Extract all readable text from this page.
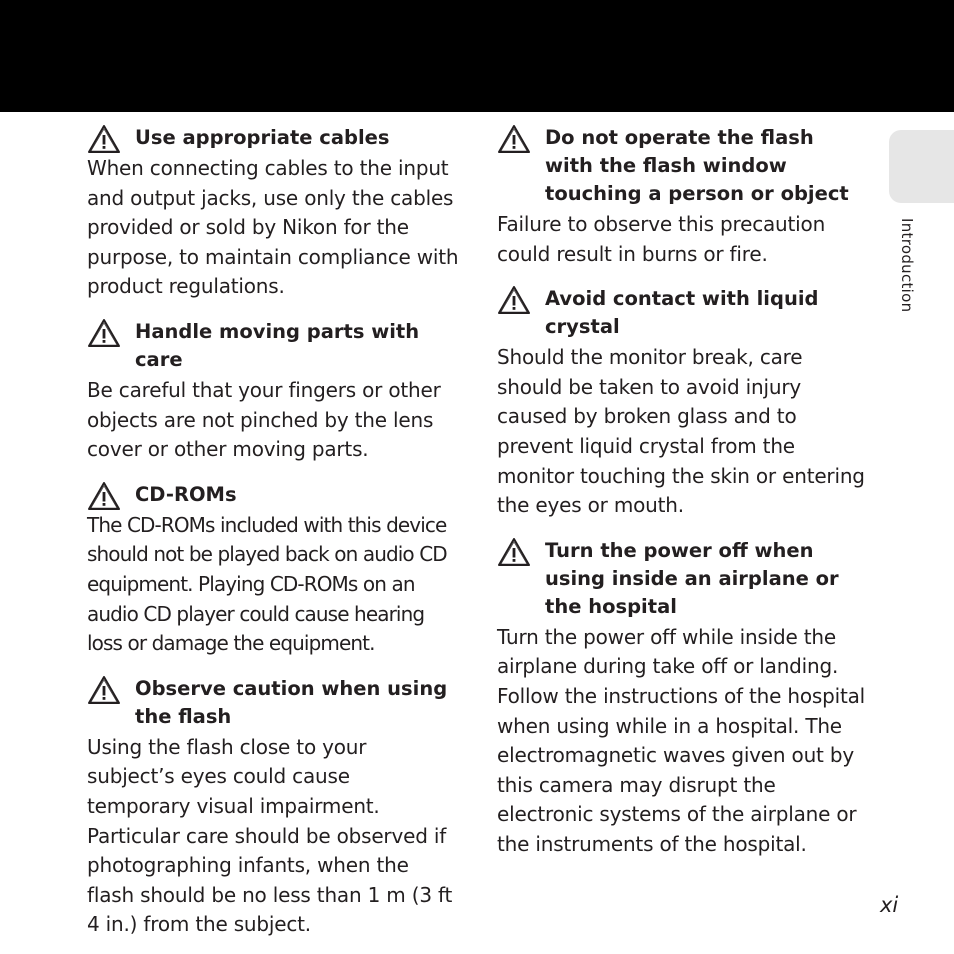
Introduction
Use appropriate cables
When connecting cables to the input and output jacks, use only the cables provided or sold by Nikon for the purpose, to maintain compliance with product regulations.
Handle moving parts with care
Be careful that your fingers or other objects are not pinched by the lens cover or other moving parts.
CD-ROMs
The CD-ROMs included with this device should not be played back on audio CD equipment. Playing CD-ROMs on an audio CD player could cause hearing loss or damage the equipment.
Observe caution when using the flash
Using the flash close to your subject’s eyes could cause temporary visual impairment. Particular care should be observed if photographing infants, when the flash should be no less than 1 m (3 ft 4 in.) from the subject.
Do not operate the flash with the flash window touching a person or object
Failure to observe this precaution could result in burns or fire.
Avoid contact with liquid crystal
Should the monitor break, care should be taken to avoid injury caused by broken glass and to prevent liquid crystal from the monitor touching the skin or entering the eyes or mouth.
Turn the power off when using inside an airplane or the hospital
Turn the power off while inside the airplane during take off or landing. Follow the instructions of the hospital when using while in a hospital. The electromagnetic waves given out by this camera may disrupt the electronic systems of the airplane or the instruments of the hospital.
xi
